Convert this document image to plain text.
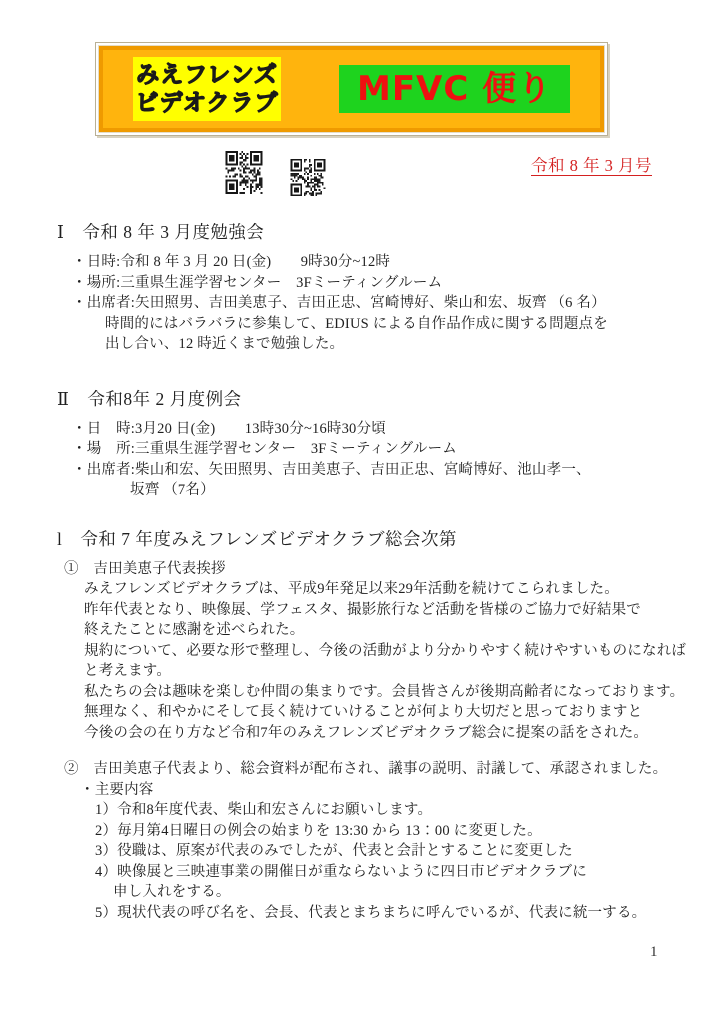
みえフレンズ
ビデオクラブ	MFVC 便り
令和 8 年 3 月号
Ⅰ　令和 8 年 3 月度勉強会
・日時:令和 8 年 3 月 20 日(金)　　9時30分~12時
・場所:三重県生涯学習センター　3Fミーティングルーム
・出席者:矢田照男、吉田美恵子、吉田正忠、宮崎博好、柴山和宏、坂齊 （6 名）
時間的にはバラバラに参集して、EDIUS による自作品作成に関する問題点を
出し合い、12 時近くまで勉強した。
Ⅱ　令和8年 2 月度例会
・日　時:3月20 日(金)　　13時30分~16時30分頃
・場　所:三重県生涯学習センター　3Fミーティングルーム
・出席者:柴山和宏、矢田照男、吉田美恵子、吉田正忠、宮崎博好、池山孝一、
坂齊 （7名）
l　令和 7 年度みえフレンズビデオクラブ総会次第
①　吉田美恵子代表挨拶
みえフレンズビデオクラブは、平成9年発足以来29年活動を続けてこられました。
昨年代表となり、映像展、学フェスタ、撮影旅行など活動を皆様のご協力で好結果で
終えたことに感謝を述べられた。
規約について、必要な形で整理し、今後の活動がより分かりやすく続けやすいものになれば
と考えます。
私たちの会は趣味を楽しむ仲間の集まりです。会員皆さんが後期高齢者になっております。
無理なく、和やかにそして長く続けていけることが何より大切だと思っておりますと
今後の会の在り方など令和7年のみえフレンズビデオクラブ総会に提案の話をされた。
②　吉田美恵子代表より、総会資料が配布され、議事の説明、討議して、承認されました。
・主要内容
1）令和8年度代表、柴山和宏さんにお願いします。
2）毎月第4日曜日の例会の始まりを 13:30 から 13：00 に変更した。
3）役職は、原案が代表のみでしたが、代表と会計とすることに変更した
4）映像展と三映連事業の開催日が重ならないように四日市ビデオクラブに
申し入れをする。
5）現状代表の呼び名を、会長、代表とまちまちに呼んでいるが、代表に統一する。
1
